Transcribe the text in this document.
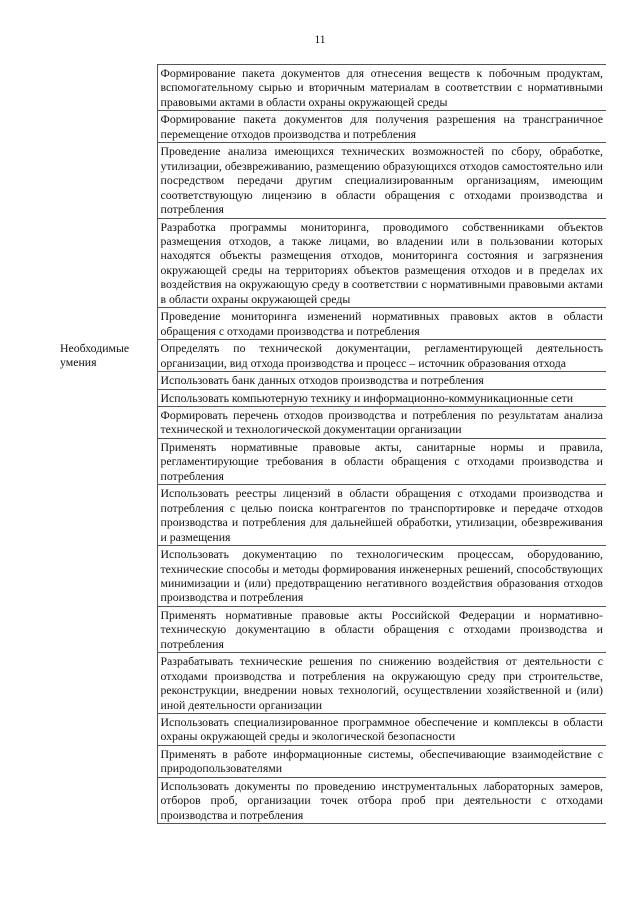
11
	Формирование пакета документов для отнесения веществ к побочным продуктам, вспомогательному сырью и вторичным материалам в соответствии с нормативными правовыми актами в области охраны окружающей среды
	Формирование пакета документов для получения разрешения на трансграничное перемещение отходов производства и потребления
	Проведение анализа имеющихся технических возможностей по сбору, обработке, утилизации, обезвреживанию, размещению образующихся отходов самостоятельно или посредством передачи другим специализированным организациям, имеющим соответствующую лицензию в области обращения с отходами производства и потребления
	Разработка программы мониторинга, проводимого собственниками объектов размещения отходов, а также лицами, во владении или в пользовании которых находятся объекты размещения отходов, мониторинга состояния и загрязнения окружающей среды на территориях объектов размещения отходов и в пределах их воздействия на окружающую среду в соответствии с нормативными правовыми актами в области охраны окружающей среды
	Проведение мониторинга изменений нормативных правовых актов в области обращения с отходами производства и потребления
Необходимые умения	Определять по технической документации, регламентирующей деятельность организации, вид отхода производства и процесс – источник образования отхода
	Использовать банк данных отходов производства и потребления
	Использовать компьютерную технику и информационно-коммуникационные сети
	Формировать перечень отходов производства и потребления по результатам анализа технической и технологической документации организации
	Применять нормативные правовые акты, санитарные нормы и правила, регламентирующие требования в области обращения с отходами производства и потребления
	Использовать реестры лицензий в области обращения с отходами производства и потребления с целью поиска контрагентов по транспортировке и передаче отходов производства и потребления для дальнейшей обработки, утилизации, обезвреживания и размещения
	Использовать документацию по технологическим процессам, оборудованию, технические способы и методы формирования инженерных решений, способствующих минимизации и (или) предотвращению негативного воздействия образования отходов производства и потребления
	Применять нормативные правовые акты Российской Федерации и нормативно-техническую документацию в области обращения с отходами производства и потребления
	Разрабатывать технические решения по снижению воздействия от деятельности с отходами производства и потребления на окружающую среду при строительстве, реконструкции, внедрении новых технологий, осуществлении хозяйственной и (или) иной деятельности организации
	Использовать специализированное программное обеспечение и комплексы в области охраны окружающей среды и экологической безопасности
	Применять в работе информационные системы, обеспечивающие взаимодействие с природопользователями
	Использовать документы по проведению инструментальных лабораторных замеров, отборов проб, организации точек отбора проб при деятельности с отходами производства и потребления
